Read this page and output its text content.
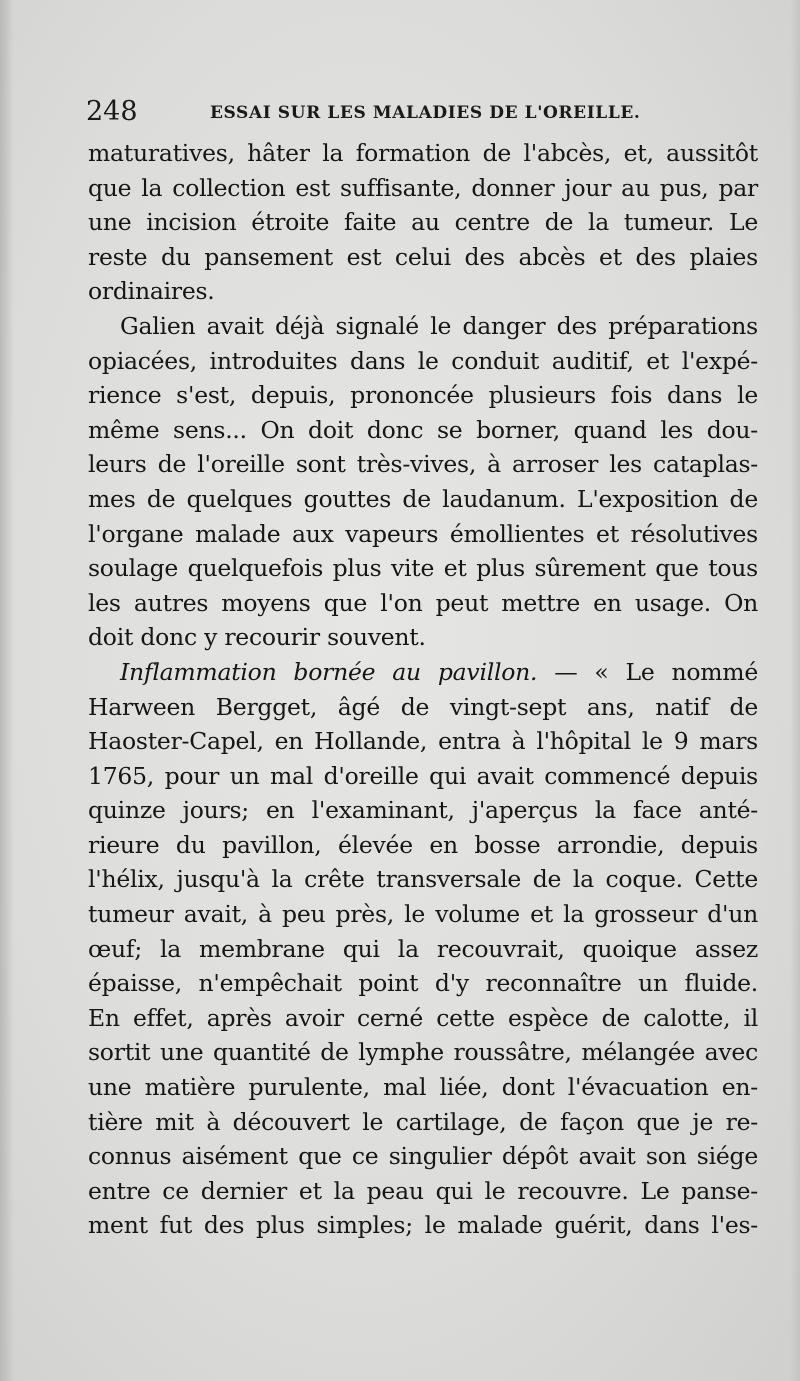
248	ESSAI SUR LES MALADIES DE L'OREILLE.
maturatives, hâter la formation de l'abcès, et, aussitôt
que la collection est suffisante, donner jour au pus, par
une incision étroite faite au centre de la tumeur. Le
reste du pansement est celui des abcès et des plaies
ordinaires.
Galien avait déjà signalé le danger des préparations
opiacées, introduites dans le conduit auditif, et l'expé-
rience s'est, depuis, prononcée plusieurs fois dans le
même sens... On doit donc se borner, quand les dou-
leurs de l'oreille sont très-vives, à arroser les cataplas-
mes de quelques gouttes de laudanum. L'exposition de
l'organe malade aux vapeurs émollientes et résolutives
soulage quelquefois plus vite et plus sûrement que tous
les autres moyens que l'on peut mettre en usage. On
doit donc y recourir souvent.
Inflammation bornée au pavillon. — « Le nommé
Harween Bergget, âgé de vingt-sept ans, natif de
Haoster-Capel, en Hollande, entra à l'hôpital le 9 mars
1765, pour un mal d'oreille qui avait commencé depuis
quinze jours; en l'examinant, j'aperçus la face anté-
rieure du pavillon, élevée en bosse arrondie, depuis
l'hélix, jusqu'à la crête transversale de la coque. Cette
tumeur avait, à peu près, le volume et la grosseur d'un
œuf; la membrane qui la recouvrait, quoique assez
épaisse, n'empêchait point d'y reconnaître un fluide.
En effet, après avoir cerné cette espèce de calotte, il
sortit une quantité de lymphe roussâtre, mélangée avec
une matière purulente, mal liée, dont l'évacuation en-
tière mit à découvert le cartilage, de façon que je re-
connus aisément que ce singulier dépôt avait son siége
entre ce dernier et la peau qui le recouvre. Le panse-
ment fut des plus simples; le malade guérit, dans l'es-
